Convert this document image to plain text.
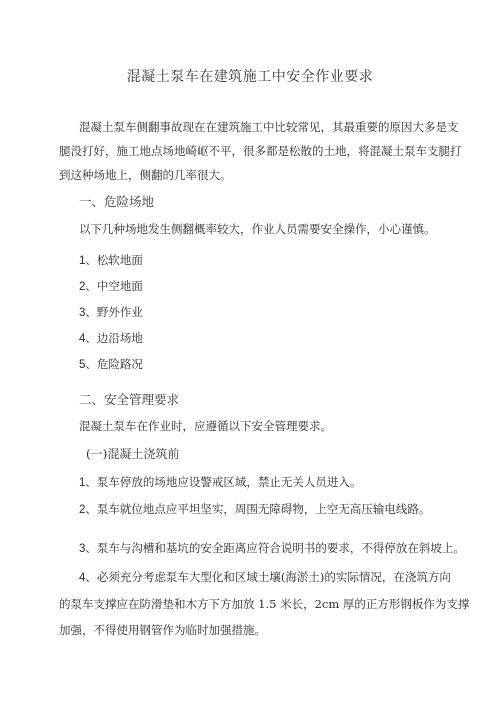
混凝土泵车在建筑施工中安全作业要求
混凝土泵车侧翻事故现在在建筑施工中比较常见，其最重要的原因大多是支
腿没打好，施工地点场地崎岖不平，很多都是松散的土地，将混凝土泵车支腿打
到这种场地上，侧翻的几率很大。
一、危险场地
以下几种场地发生侧翻概率较大，作业人员需要安全操作，小心谨慎。
1、松软地面
2、中空地面
3、野外作业
4、边沿场地
5、危险路况
二、安全管理要求
混凝土泵车在作业时，应遵循以下安全管理要求。
(一)混凝土浇筑前
1、泵车停放的场地应设警戒区域，禁止无关人员进入。
2、泵车就位地点应平坦坚实，周围无障碍物，上空无高压输电线路。
3、泵车与沟槽和基坑的安全距离应符合说明书的要求，不得停放在斜坡上。
4、必须充分考虑泵车大型化和区域土壤(海淤土)的实际情况，在浇筑方向
的泵车支撑应在防滑垫和木方下方加放 1.5 米长，2cm 厚的正方形钢板作为支撑
加强，不得使用钢管作为临时加强措施。
